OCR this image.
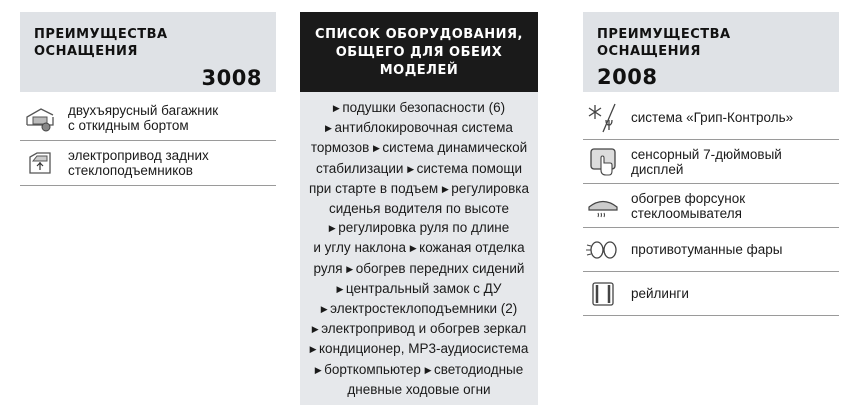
ПРЕИМУЩЕСТВА ОСНАЩЕНИЯ
3008
двухъярусный багажник
с откидным бортом
электропривод задних
стеклоподъемников
СПИСОК ОБОРУДОВАНИЯ,
ОБЩЕГО ДЛЯ ОБЕИХ
МОДЕЛЕЙ
▶ подушки безопасности (6)
▶ антиблокировочная система
тормозов ▶ система динамической
стабилизации ▶ система помощи
при старте в подъем ▶ регулировка
сиденья водителя по высоте
▶ регулировка руля по длине
и углу наклона ▶ кожаная отделка
руля ▶ обогрев передних сидений
▶ центральный замок с ДУ
▶ электростеклоподъемники (2)
▶ электропривод и обогрев зеркал
▶ кондиционер, MP3-аудиосистема
▶ борткомпьютер ▶ светодиодные
дневные ходовые огни
ПРЕИМУЩЕСТВА ОСНАЩЕНИЯ
2008
система «Грип-Контроль»
сенсорный 7-дюймовый
дисплей
обогрев форсунок
стеклоомывателя
противотуманные фары
рейлинги
